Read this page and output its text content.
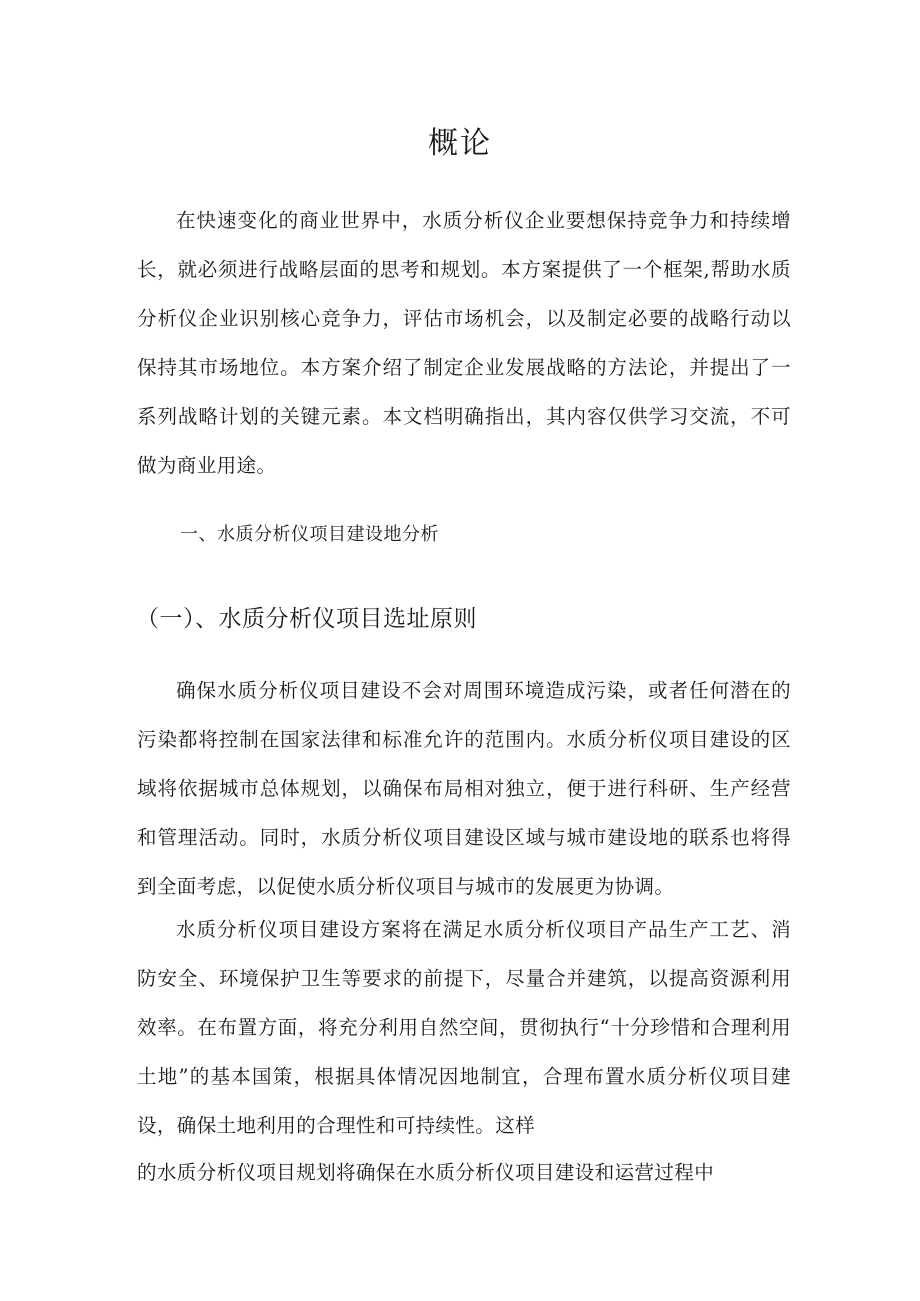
概论

在快速变化的商业世界中，水质分析仪企业要想保持竞争力和持续增长，就必须进行战略层面的思考和规划。本方案提供了一个框架,帮助水质分析仪企业识别核心竞争力，评估市场机会，以及制定必要的战略行动以保持其市场地位。本方案介绍了制定企业发展战略的方法论，并提出了一系列战略计划的关键元素。本文档明确指出，其内容仅供学习交流，不可做为商业用途。

一、水质分析仪项目建设地分析
（一）、水质分析仪项目选址原则

确保水质分析仪项目建设不会对周围环境造成污染，或者任何潜在的污染都将控制在国家法律和标准允许的范围内。水质分析仪项目建设的区域将依据城市总体规划，以确保布局相对独立，便于进行科研、生产经营和管理活动。同时，水质分析仪项目建设区域与城市建设地的联系也将得到全面考虑，以促使水质分析仪项目与城市的发展更为协调。

水质分析仪项目建设方案将在满足水质分析仪项目产品生产工艺、消防安全、环境保护卫生等要求的前提下，尽量合并建筑，以提高资源利用效率。在布置方面，将充分利用自然空间，贯彻执行“十分珍惜和合理利用土地”的基本国策，根据具体情况因地制宜，合理布置水质分析仪项目建设，确保土地利用的合理性和可持续性。这样

的水质分析仪项目规划将确保在水质分析仪项目建设和运营过程中
